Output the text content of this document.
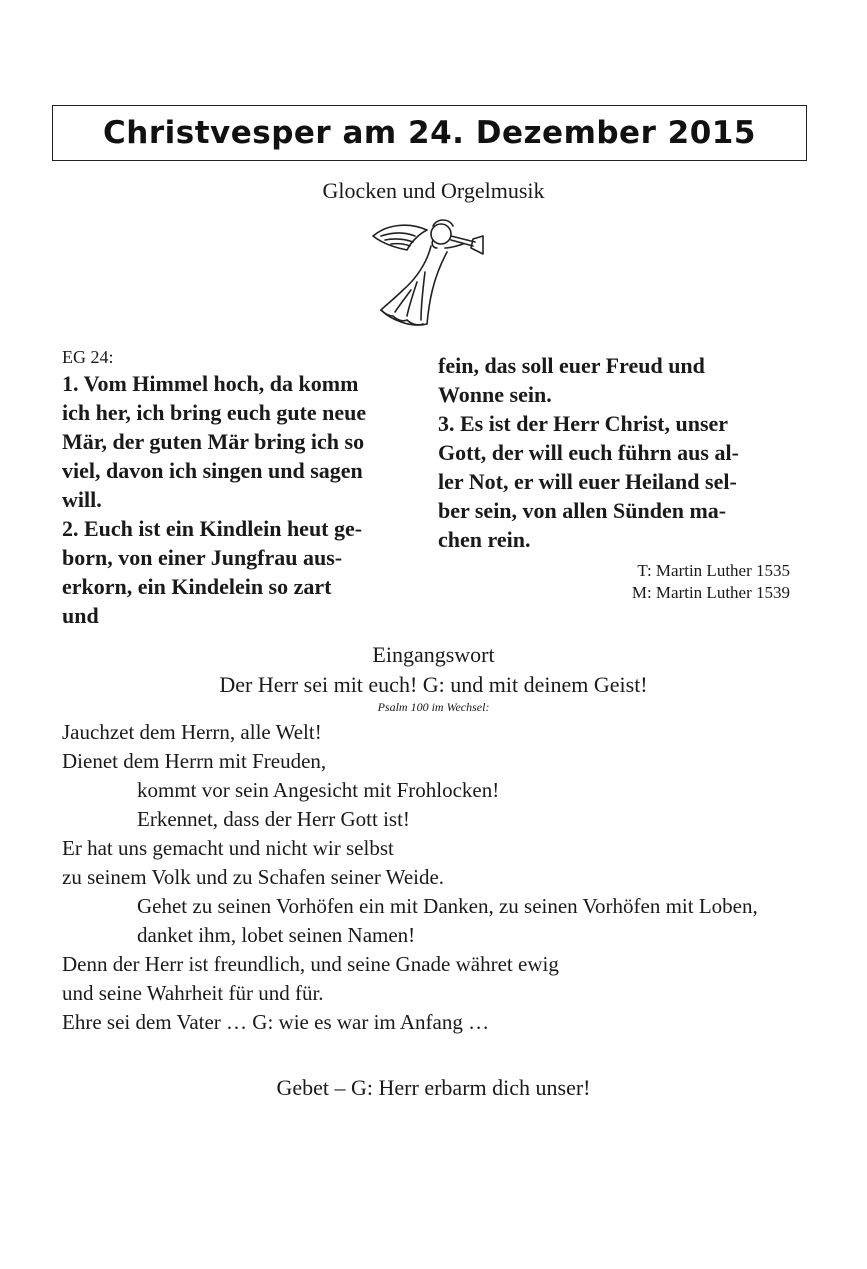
Christvesper am 24. Dezember 2015
Glocken und Orgelmusik
EG 24:
1. Vom Himmel hoch, da komm
ich her, ich bring euch gute neue
Mär, der guten Mär bring ich so
viel, davon ich singen und sagen
will.
2. Euch ist ein Kindlein heut ge-
born, von einer Jungfrau aus-
erkorn, ein Kindelein so zart
und
fein, das soll euer Freud und
Wonne sein.
3. Es ist der Herr Christ, unser
Gott, der will euch führn aus al-
ler Not, er will euer Heiland sel-
ber sein, von allen Sünden ma-
chen rein.
T: Martin Luther 1535
M: Martin Luther 1539
Eingangswort
Der Herr sei mit euch! G: und mit deinem Geist!
Psalm 100 im Wechsel:
Jauchzet dem Herrn, alle Welt!
Dienet dem Herrn mit Freuden,
kommt vor sein Angesicht mit Frohlocken!
Erkennet, dass der Herr Gott ist!
Er hat uns gemacht und nicht wir selbst
zu seinem Volk und zu Schafen seiner Weide.
Gehet zu seinen Vorhöfen ein mit Danken, zu seinen Vorhöfen mit Loben,
danket ihm, lobet seinen Namen!
Denn der Herr ist freundlich, und seine Gnade währet ewig
und seine Wahrheit für und für.
Ehre sei dem Vater … G: wie es war im Anfang …
Gebet – G: Herr erbarm dich unser!
